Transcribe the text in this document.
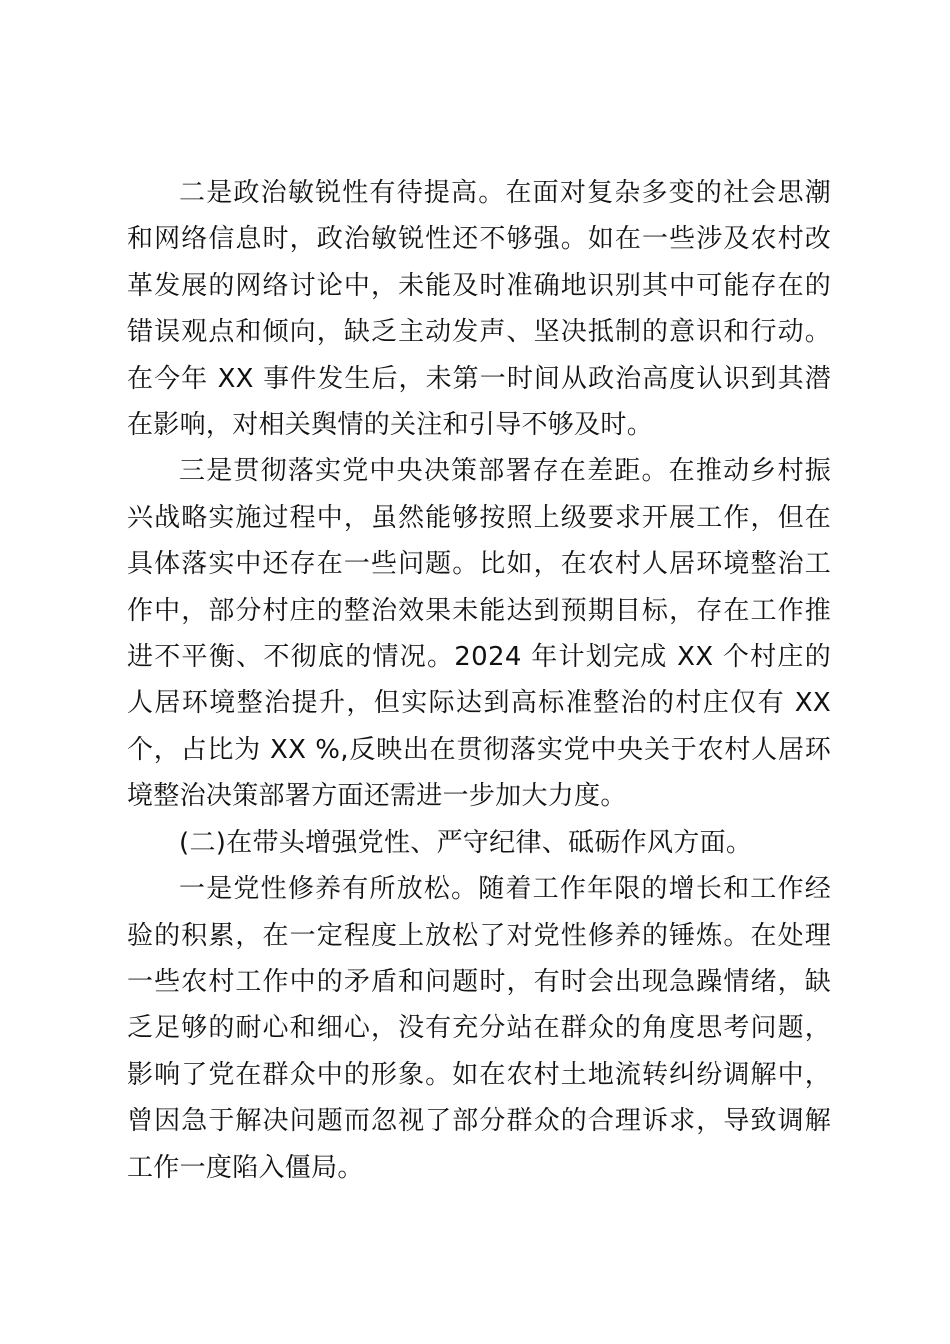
二是政治敏锐性有待提高。在面对复杂多变的社会思潮和网络信息时，政治敏锐性还不够强。如在一些涉及农村改革发展的网络讨论中，未能及时准确地识别其中可能存在的错误观点和倾向，缺乏主动发声、坚决抵制的意识和行动。在今年 XX 事件发生后，未第一时间从政治高度认识到其潜在影响，对相关舆情的关注和引导不够及时。

三是贯彻落实党中央决策部署存在差距。在推动乡村振兴战略实施过程中，虽然能够按照上级要求开展工作，但在具体落实中还存在一些问题。比如，在农村人居环境整治工作中，部分村庄的整治效果未能达到预期目标，存在工作推进不平衡、不彻底的情况。2024 年计划完成 XX 个村庄的人居环境整治提升，但实际达到高标准整治的村庄仅有 XX 个，占比为 XX %,反映出在贯彻落实党中央关于农村人居环境整治决策部署方面还需进一步加大力度。

(二)在带头增强党性、严守纪律、砥砺作风方面。

一是党性修养有所放松。随着工作年限的增长和工作经验的积累，在一定程度上放松了对党性修养的锤炼。在处理一些农村工作中的矛盾和问题时，有时会出现急躁情绪，缺乏足够的耐心和细心，没有充分站在群众的角度思考问题，影响了党在群众中的形象。如在农村土地流转纠纷调解中，曾因急于解决问题而忽视了部分群众的合理诉求，导致调解工作一度陷入僵局。
